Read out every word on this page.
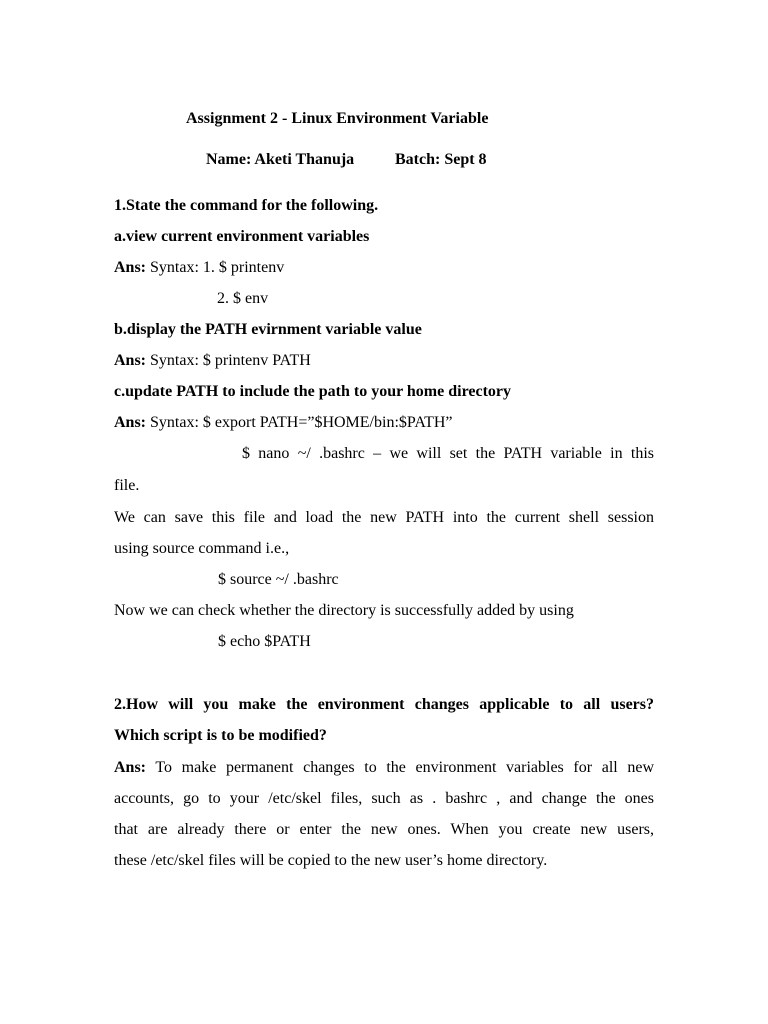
Assignment 2 - Linux Environment Variable
Name: Aketi Thanuja	Batch: Sept 8
1.State the command for the following.
a.view current environment variables
Ans: Syntax: 1. $ printenv
2. $ env
b.display the PATH evirnment variable value
Ans: Syntax: $ printenv PATH
c.update PATH to include the path to your home directory
Ans: Syntax: $ export PATH=”$HOME/bin:$PATH”
$ nano ~/ .bashrc – we will set the PATH variable in this
file.
We can save this file and load the new PATH into the current shell session
using source command i.e.,
$ source ~/ .bashrc
Now we can check whether the directory is successfully added by using
$ echo $PATH
2.How will you make the environment changes applicable to all users?
Which script is to be modified?
Ans: To make permanent changes to the environment variables for all new
accounts, go to your /etc/skel files, such as . bashrc , and change the ones
that are already there or enter the new ones. When you create new users,
these /etc/skel files will be copied to the new user’s home directory.
